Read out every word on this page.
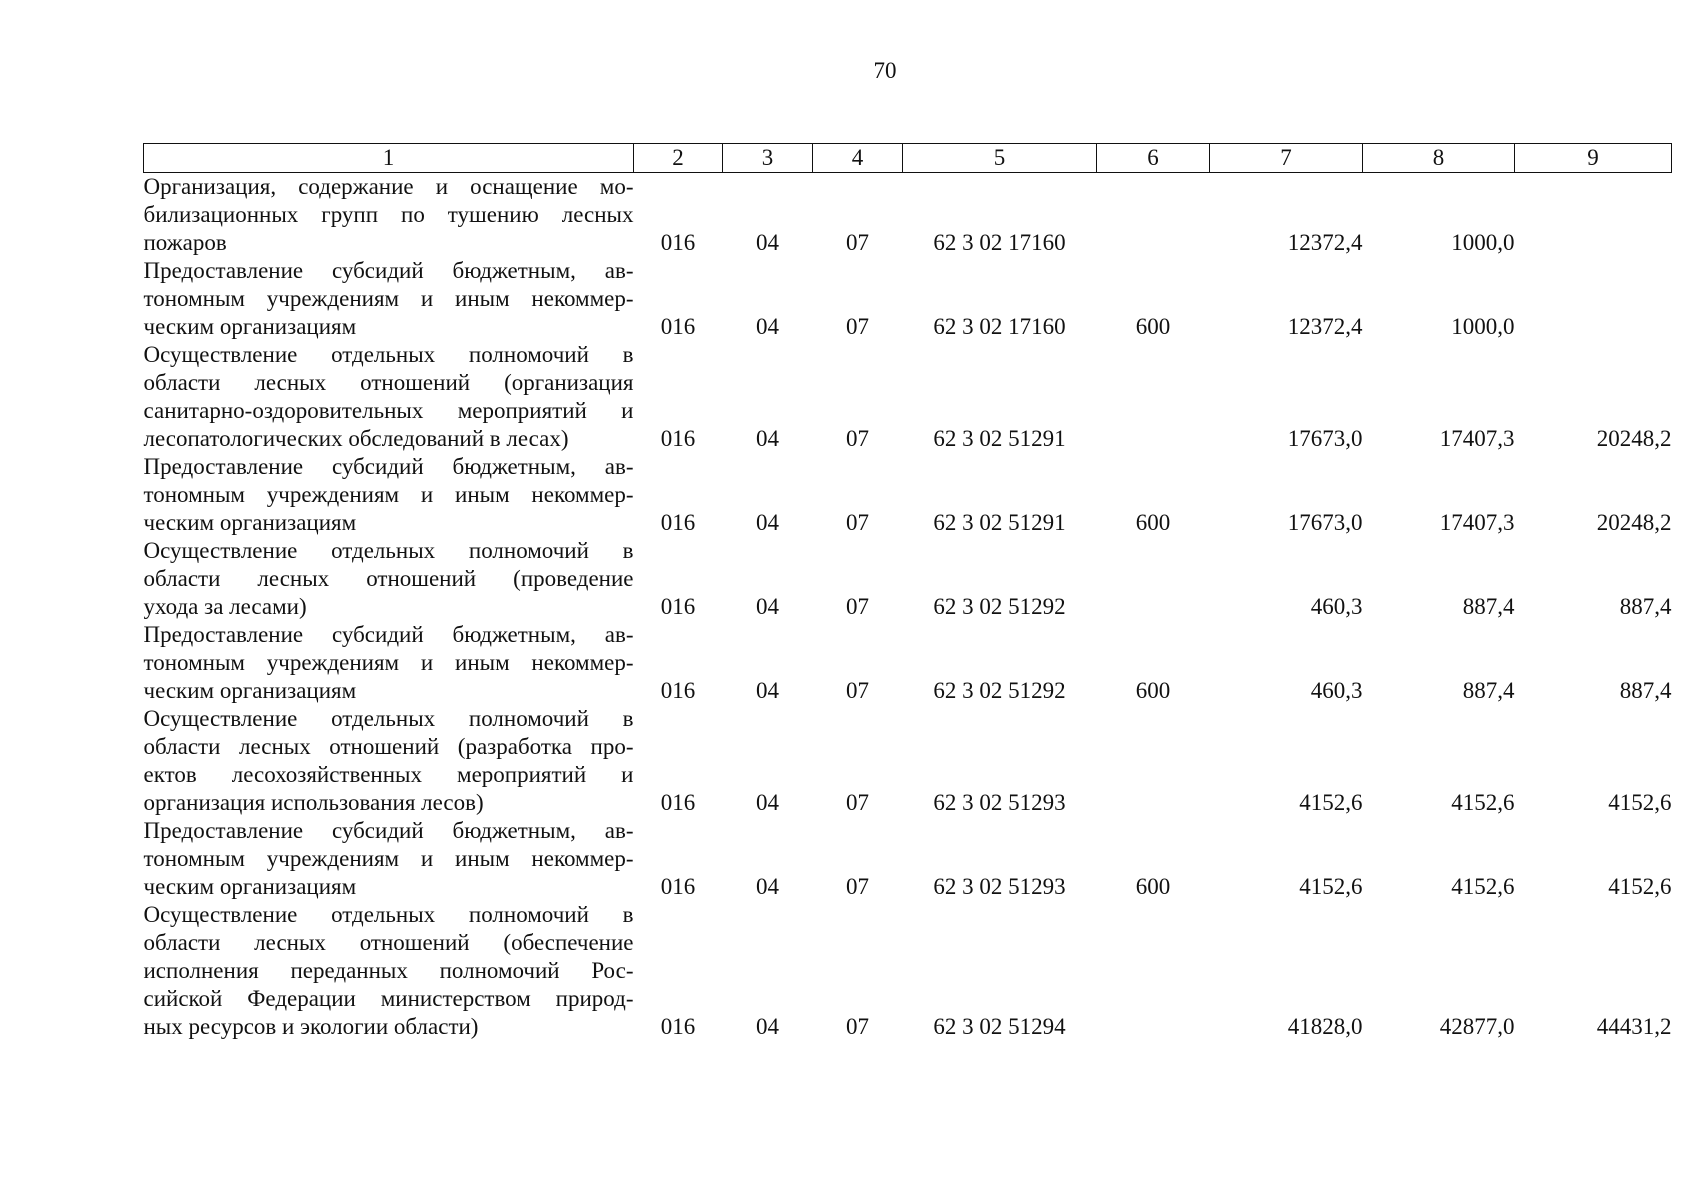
70
1	2	3	4	5	6	7	8	9

Организация, содержание и оснащение мо-
билизационных групп по тушению лесных
пожаров	016	04	07	62 3 02 17160		12372,4	1000,0	

Предоставление субсидий бюджетным, ав-
тономным учреждениям и иным некоммер-
ческим организациям	016	04	07	62 3 02 17160	600	12372,4	1000,0	

Осуществление отдельных полномочий в
области лесных отношений (организация
санитарно-оздоровительных мероприятий и
лесопатологических обследований в лесах)	016	04	07	62 3 02 51291		17673,0	17407,3	20248,2

Предоставление субсидий бюджетным, ав-
тономным учреждениям и иным некоммер-
ческим организациям	016	04	07	62 3 02 51291	600	17673,0	17407,3	20248,2

Осуществление отдельных полномочий в
области лесных отношений (проведение
ухода за лесами)	016	04	07	62 3 02 51292		460,3	887,4	887,4

Предоставление субсидий бюджетным, ав-
тономным учреждениям и иным некоммер-
ческим организациям	016	04	07	62 3 02 51292	600	460,3	887,4	887,4

Осуществление отдельных полномочий в
области лесных отношений (разработка про-
ектов лесохозяйственных мероприятий и
организация использования лесов)	016	04	07	62 3 02 51293		4152,6	4152,6	4152,6

Предоставление субсидий бюджетным, ав-
тономным учреждениям и иным некоммер-
ческим организациям	016	04	07	62 3 02 51293	600	4152,6	4152,6	4152,6

Осуществление отдельных полномочий в
области лесных отношений (обеспечение
исполнения переданных полномочий Рос-
сийской Федерации министерством природ-
ных ресурсов и экологии области)	016	04	07	62 3 02 51294		41828,0	42877,0	44431,2
